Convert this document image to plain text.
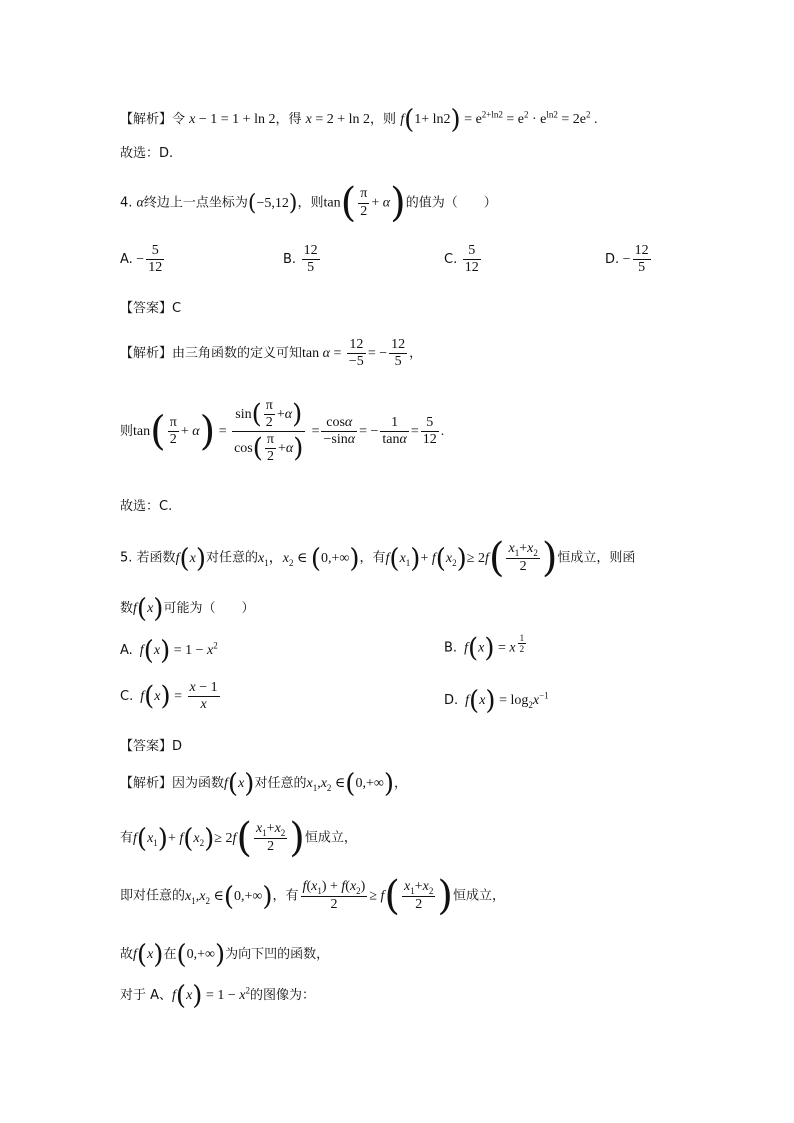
【解析】令 x − 1 = 1 + ln 2，得 x = 2 + ln 2，则 $f(1+ \ln 2) = e^{2+ln2} = e^2 \cdot e^{ln2} = 2e^2$ .
故选：D.
4. α终边上一点坐标为(−5,12)，则$\tan( \frac{\pi}{2} + \alpha)$的值为（　　）
A. − $\frac{5}{12}$	B. $\frac{12}{5}$	C. $\frac{5}{12}$	D. − $\frac{12}{5}$
【答案】C
【解析】由三角函数的定义可知$\tan \alpha = \frac{12}{-5}$ = − $\frac{12}{5}$ ，
则$\tan( \frac{\pi}{2} + \alpha) = \frac{\sin( \frac{\pi}{2} +\alpha)}{\cos( \frac{\pi}{2} +\alpha)} = \frac{\cos\alpha}{-\sin\alpha}$ = − $\frac{1}{\tan\alpha} = \frac{5}{12}$ .
故选：C.
5. 若函数f(x)对任意的$x_1$，$x_2$ ∈ (0,+∞)，有$f(x_1)+ f(x_2)\ge 2f( \frac{x_1+x_2}{2}$ )恒成立，则函
数f(x)可能为（　　）
A. $f(x) = 1 - x^2$	B. f(x) = x $^{\frac{1}{2}}$
C. $f(x) = \frac{x - 1}{x}$	D. $f(x) = \log_2x^{-1}$
【答案】D
【解析】因为函数f(x)对任意的$x_1,x_2$ ∈(0,+∞)，
有$f(x_1)+ f(x_2)\ge 2f( \frac{x_1+x_2}{2}$ )恒成立，
即对任意的$x_1,x_2$ ∈(0,+∞)，有 $\frac{f(x_1) + f(x_2)}{2} \ge f( \frac{x_1+x_2}{2}$ )恒成立，
故f(x)在(0,+∞)为向下凹的函数，
对于 A、$f(x) = 1 - x^2$的图像为：
